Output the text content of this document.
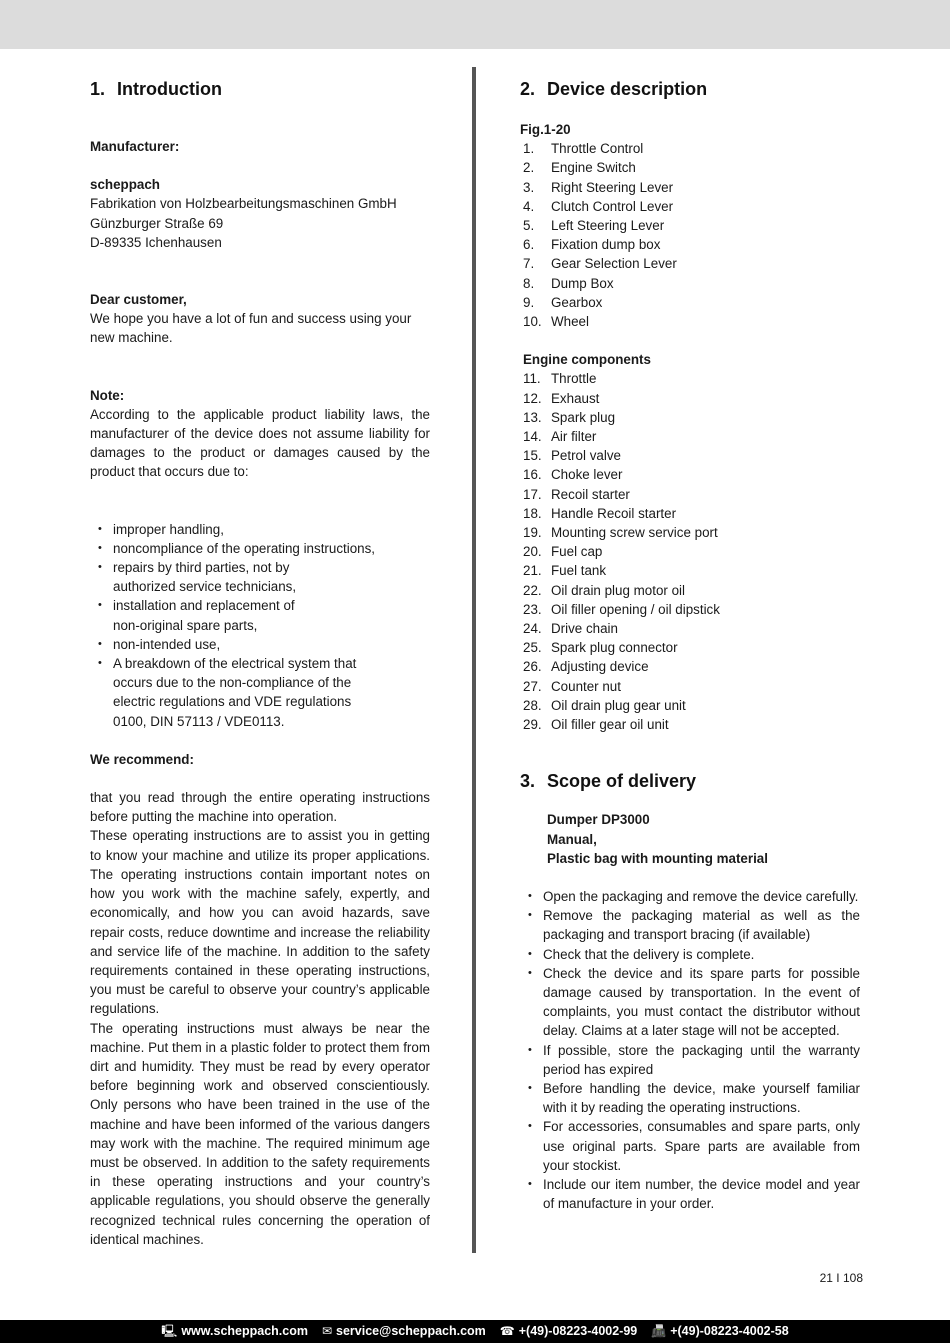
1. Introduction

Manufacturer:

scheppach

Fabrikation von Holzbearbeitungsmaschinen GmbH

Günzburger Straße 69

D-89335 Ichenhausen

Dear customer,

We hope you have a lot of fun and success using your new machine.

Note:

According to the applicable product liability laws, the manufacturer of the device does not assume liability for damages to the product or damages caused by the product that occurs due to:

• improper handling,
• noncompliance of the operating instructions,
• repairs by third parties, not by authorized service technicians,
• installation and replacement of non-original spare parts,
• non-intended use,
• A breakdown of the electrical system that occurs due to the non-compliance of the electric regulations and VDE regulations 0100, DIN 57113 / VDE0113.

We recommend:

that you read through the entire operating instructions before putting the machine into operation.
These operating instructions are to assist you in getting to know your machine and utilize its proper applications. The operating instructions contain important notes on how you work with the machine safely, expertly, and economically, and how you can avoid hazards, save repair costs, reduce downtime and increase the reliability and service life of the machine. In addition to the safety requirements contained in these operating instructions, you must be careful to observe your country’s applicable regulations.
The operating instructions must always be near the machine. Put them in a plastic folder to protect them from dirt and humidity. They must be read by every operator before beginning work and observed conscientiously. Only persons who have been trained in the use of the machine and have been informed of the various dangers may work with the machine. The required minimum age must be observed. In addition to the safety requirements in these operating instructions and your country’s applicable regulations, you should observe the generally recognized technical rules concerning the operation of identical machines.

2. Device description

Fig.1-20

1.	Throttle Control
2.	Engine Switch
3.	Right Steering Lever
4.	Clutch Control Lever
5.	Left Steering Lever
6.	Fixation dump box
7.	Gear Selection Lever
8.	Dump Box
9.	Gearbox
10. Wheel

Engine components

11. Throttle
12. Exhaust
13. Spark plug
14. Air filter
15. Petrol valve
16. Choke lever
17. Recoil starter
18. Handle Recoil starter
19. Mounting screw service port
20. Fuel cap
21. Fuel tank
22. Oil drain plug motor oil
23. Oil filler opening / oil dipstick
24. Drive chain
25. Spark plug connector
26. Adjusting device
27. Counter nut
28. Oil drain plug gear unit
29. Oil filler gear oil unit
3. Scope of delivery

Dumper DP3000

Manual,

Plastic bag with mounting material

• Open the packaging and remove the device carefully.
• Remove the packaging material as well as the packaging and transport bracing (if available)
• Check that the delivery is complete.
• Check the device and its spare parts for possible damage caused by transportation. In the event of complaints, you must contact the distributor without delay. Claims at a later stage will not be accepted.
• If possible, store the packaging until the warranty period has expired
• Before handling the device, make yourself familiar with it by reading the operating instructions.
• For accessories, consumables and spare parts, only use original parts. Spare parts are available from your stockist.
• Include our item number, the device model and year of manufacture in your order.
21 I 108
🖳 www.scheppach.com ✉ service@scheppach.com ☎ +(49)-08223-4002-99 📠 +(49)-08223-4002-58
